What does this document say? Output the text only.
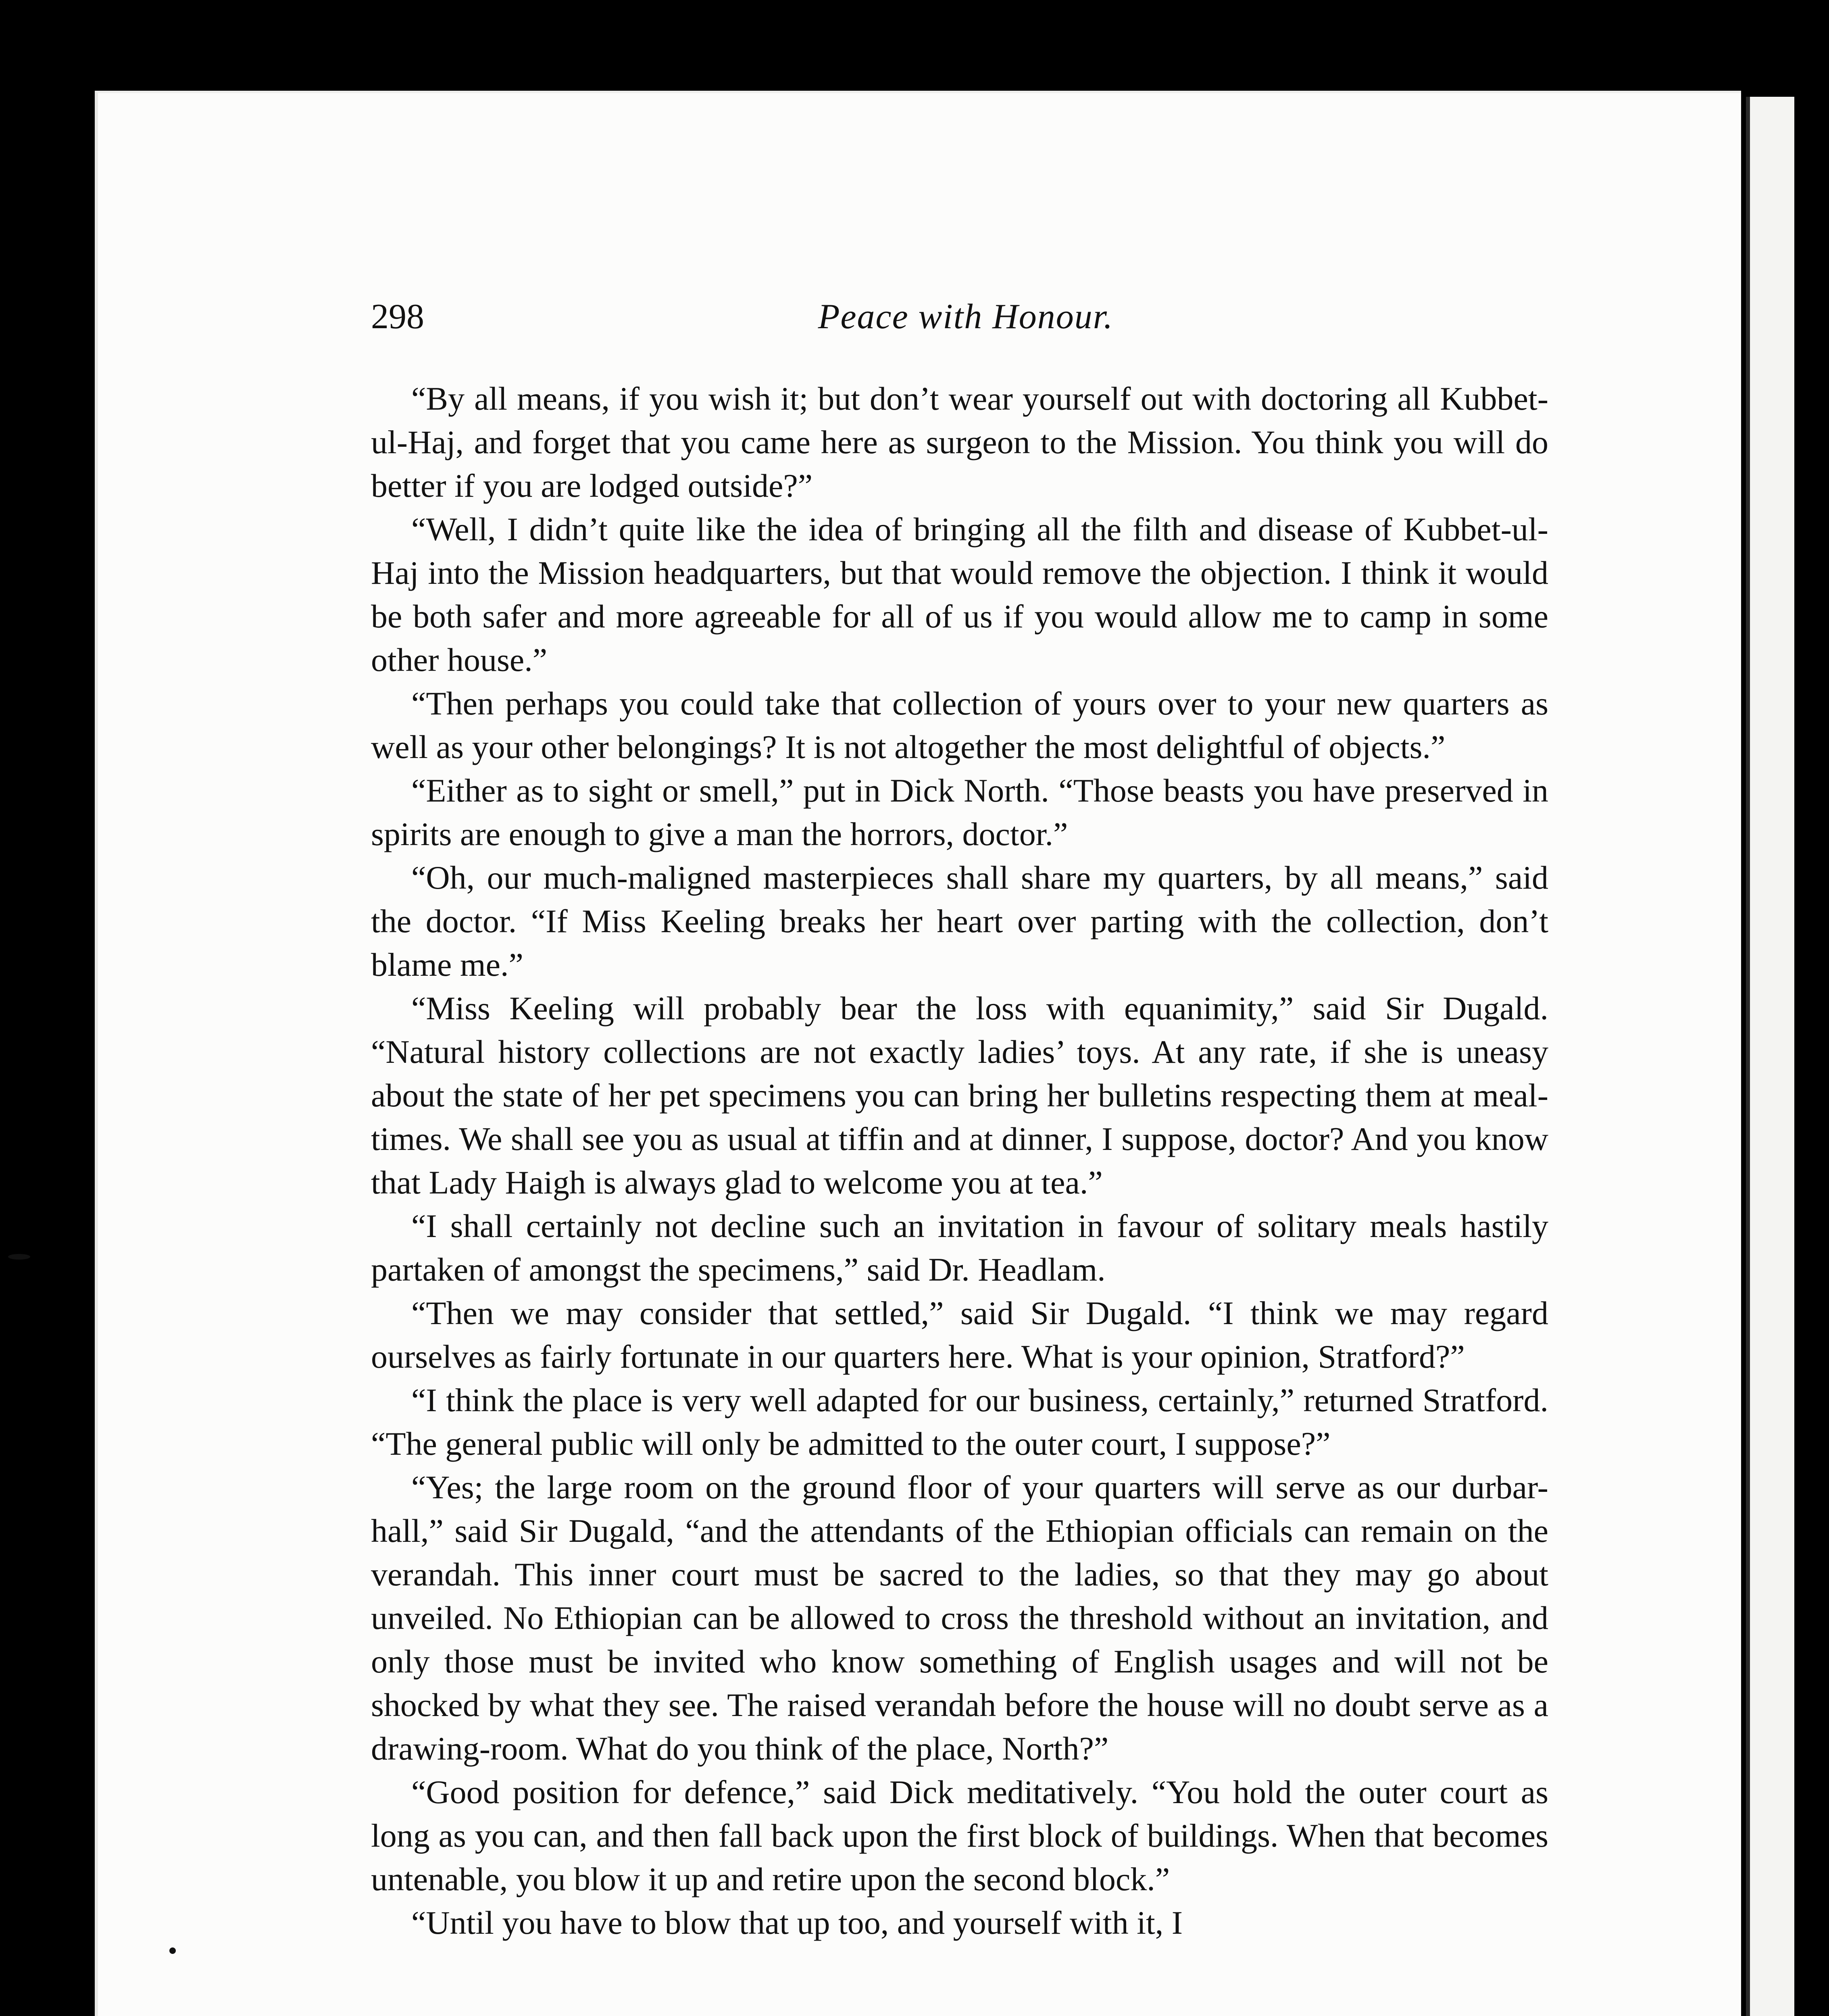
298	Peace with Honour.

“By all means, if you wish it; but don’t wear yourself out with doctoring all Kubbet-ul-Haj, and forget that you came here as surgeon to the Mission. You think you will do better if you are lodged outside?”

“Well, I didn’t quite like the idea of bringing all the filth and disease of Kubbet-ul-Haj into the Mission headquarters, but that would remove the objection. I think it would be both safer and more agreeable for all of us if you would allow me to camp in some other house.”

“Then perhaps you could take that collection of yours over to your new quarters as well as your other belongings? It is not altogether the most delightful of objects.”

“Either as to sight or smell,” put in Dick North. “Those beasts you have preserved in spirits are enough to give a man the horrors, doctor.”

“Oh, our much-maligned masterpieces shall share my quarters, by all means,” said the doctor. “If Miss Keeling breaks her heart over parting with the collection, don’t blame me.”

“Miss Keeling will probably bear the loss with equanimity,” said Sir Dugald. “Natural history collections are not exactly ladies’ toys. At any rate, if she is uneasy about the state of her pet specimens you can bring her bulletins respecting them at meal-times. We shall see you as usual at tiffin and at dinner, I suppose, doctor? And you know that Lady Haigh is always glad to welcome you at tea.”

“I shall certainly not decline such an invitation in favour of solitary meals hastily partaken of amongst the specimens,” said Dr. Headlam.

“Then we may consider that settled,” said Sir Dugald. “I think we may regard ourselves as fairly fortunate in our quarters here. What is your opinion, Stratford?”

“I think the place is very well adapted for our business, certainly,” returned Stratford. “The general public will only be admitted to the outer court, I suppose?”

“Yes; the large room on the ground floor of your quarters will serve as our durbar-hall,” said Sir Dugald, “and the attendants of the Ethiopian officials can remain on the verandah. This inner court must be sacred to the ladies, so that they may go about unveiled. No Ethiopian can be allowed to cross the threshold without an invitation, and only those must be invited who know something of English usages and will not be shocked by what they see. The raised verandah before the house will no doubt serve as a drawing-room. What do you think of the place, North?”

“Good position for defence,” said Dick meditatively. “You hold the outer court as long as you can, and then fall back upon the first block of buildings. When that becomes untenable, you blow it up and retire upon the second block.”

“Until you have to blow that up too, and yourself with it, I
